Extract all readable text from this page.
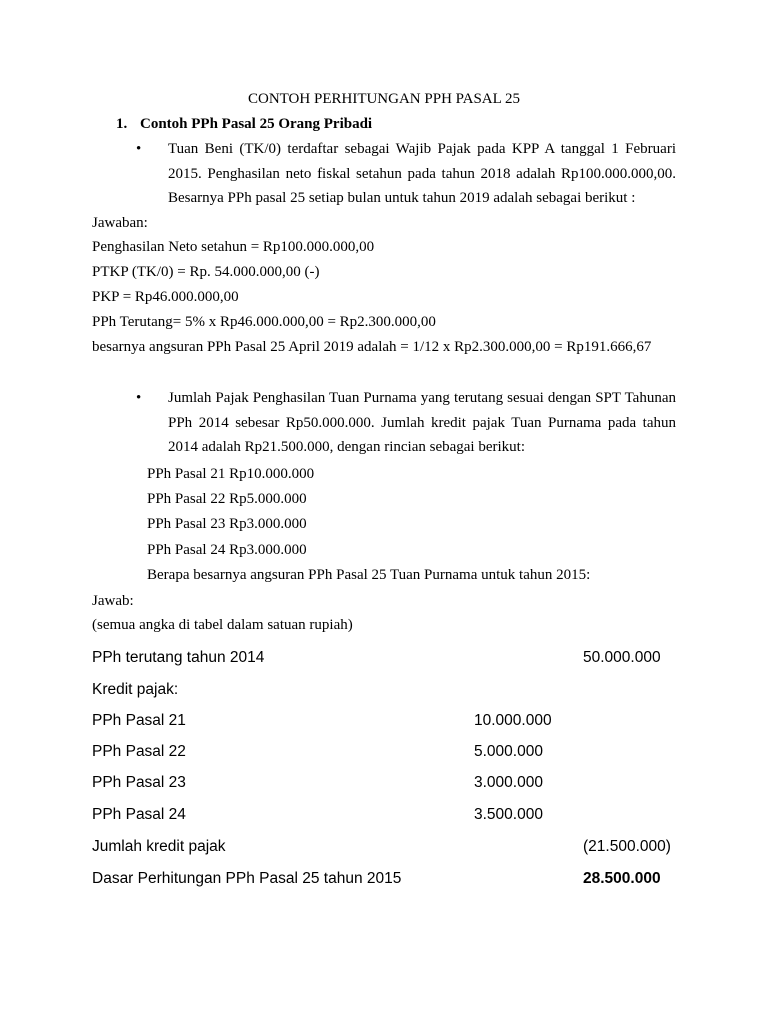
CONTOH PERHITUNGAN PPH PASAL 25
1. Contoh PPh Pasal 25 Orang Pribadi
• Tuan Beni (TK/0) terdaftar sebagai Wajib Pajak pada KPP A tanggal 1 Februari 2015. Penghasilan neto fiskal setahun pada tahun 2018 adalah Rp100.000.000,00. Besarnya PPh pasal 25 setiap bulan untuk tahun 2019 adalah sebagai berikut :
Jawaban:
Penghasilan Neto setahun = Rp100.000.000,00
PTKP (TK/0) = Rp. 54.000.000,00 (-)
PKP = Rp46.000.000,00
PPh Terutang= 5% x Rp46.000.000,00 = Rp2.300.000,00
besarnya angsuran PPh Pasal 25 April 2019 adalah = 1/12 x Rp2.300.000,00 = Rp191.666,67
• Jumlah Pajak Penghasilan Tuan Purnama yang terutang sesuai dengan SPT Tahunan PPh 2014 sebesar Rp50.000.000. Jumlah kredit pajak Tuan Purnama pada tahun 2014 adalah Rp21.500.000, dengan rincian sebagai berikut:
PPh Pasal 21 Rp10.000.000
PPh Pasal 22 Rp5.000.000
PPh Pasal 23 Rp3.000.000
PPh Pasal 24 Rp3.000.000
Berapa besarnya angsuran PPh Pasal 25 Tuan Purnama untuk tahun 2015:
Jawab:
(semua angka di tabel dalam satuan rupiah)
PPh terutang tahun 2014	50.000.000
Kredit pajak:
PPh Pasal 21	10.000.000
PPh Pasal 22	5.000.000
PPh Pasal 23	3.000.000
PPh Pasal 24	3.500.000
Jumlah kredit pajak	(21.500.000)
Dasar Perhitungan PPh Pasal 25 tahun 2015	28.500.000
